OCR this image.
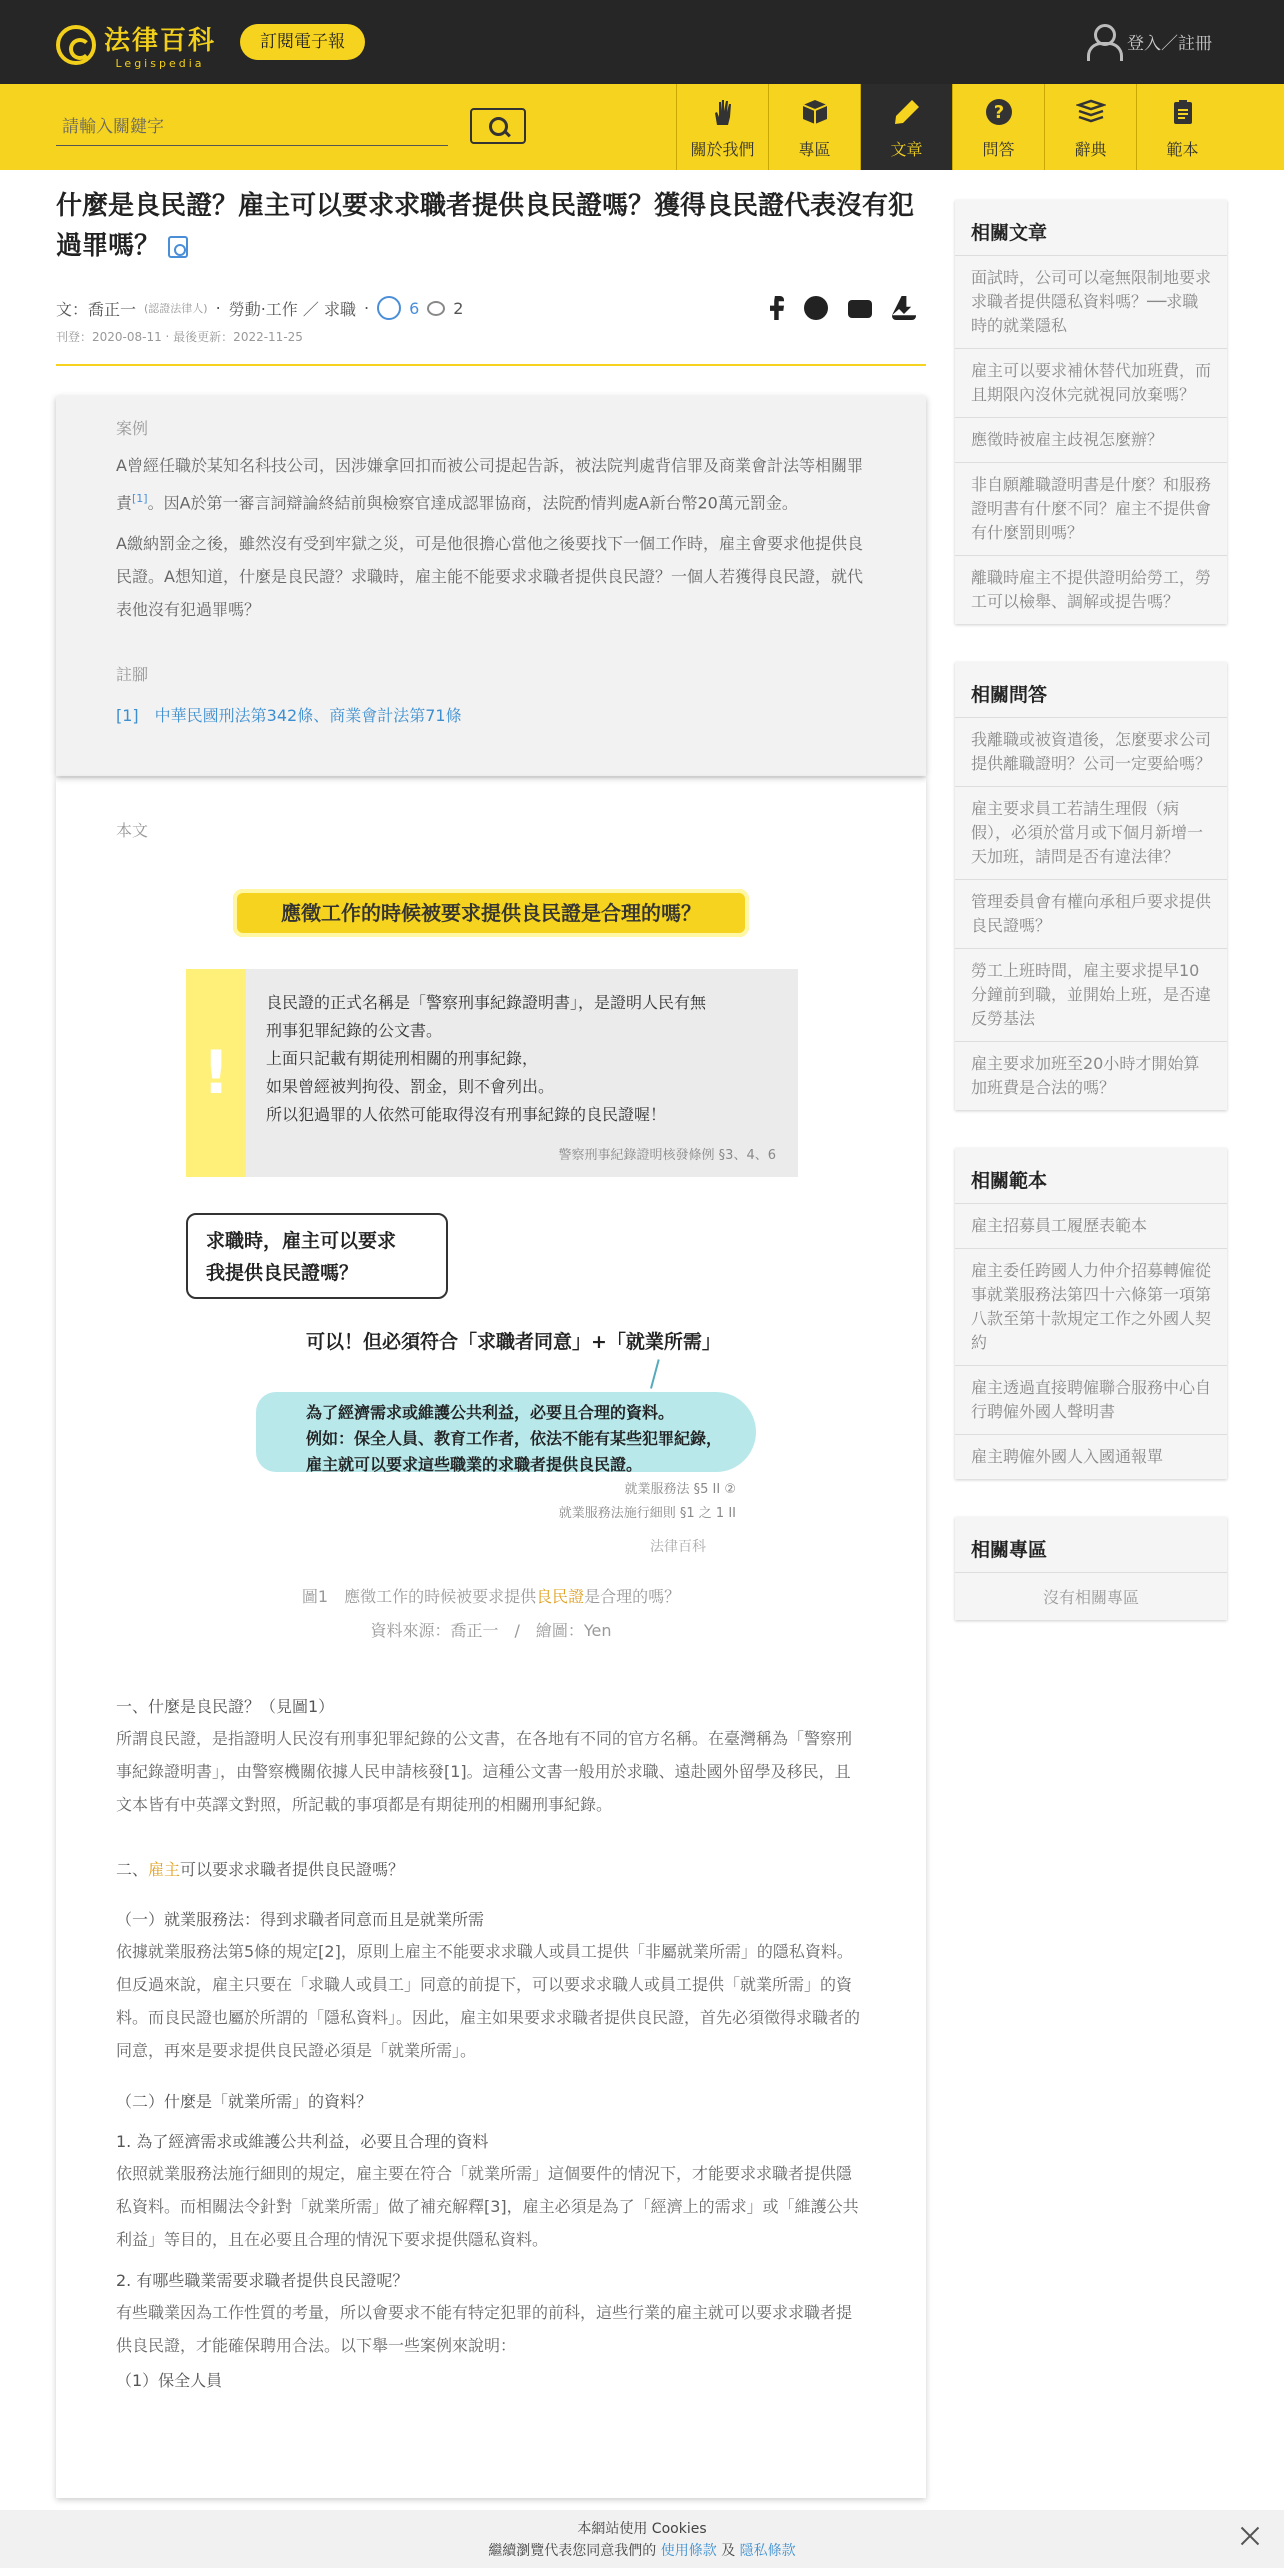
法律百科
Legispedia
訂閱電子報	登入／註冊
請輸入關鍵字
關於我們	專區	文章
?
問答	辭典	範本
什麼是良民證？雇主可以要求求職者提供良民證嗎？獲得良民證代表沒有犯過罪嗎？
文：喬正一 (認證法律人) ‧ 勞動‧工作 ／ 求職 ‧	6 2
刊登：2020-08-11 ‧ 最後更新：2022-11-25
案例

A曾經任職於某知名科技公司，因涉嫌拿回扣而被公司提起告訴，被法院判處背信罪及商業會計法等相關罪責[1]。因A於第一審言詞辯論終結前與檢察官達成認罪協商，法院酌情判處A新台幣20萬元罰金。

A繳納罰金之後，雖然沒有受到牢獄之災，可是他很擔心當他之後要找下一個工作時，雇主會要求他提供良民證。A想知道，什麼是良民證？求職時，雇主能不能要求求職者提供良民證？一個人若獲得良民證，就代表他沒有犯過罪嗎？

註腳
[1]　中華民國刑法第342條、商業會計法第71條
本文
應徵工作的時候被要求提供良民證是合理的嗎？
!

良民證的正式名稱是「警察刑事紀錄證明書」，是證明人民有無

刑事犯罪紀錄的公文書。

上面只記載有期徒刑相關的刑事紀錄，

如果曾經被判拘役、罰金，則不會列出。

所以犯過罪的人依然可能取得沒有刑事紀錄的良民證喔！

警察刑事紀錄證明核發條例 §3、4、6
求職時，雇主可以要求
我提供良民證嗎？
可以！但必須符合「求職者同意」+「就業所需」
為了經濟需求或維護公共利益，必要且合理的資料。
例如：保全人員、教育工作者，依法不能有某些犯罪紀錄，
雇主就可以要求這些職業的求職者提供良民證。
就業服務法 §5 II ②
就業服務法施行細則 §1 之 1 II
法律百科
圖1　應徵工作的時候被要求提供良民證是合理的嗎？
資料來源：喬正一　/　繪圖：Yen
一、什麼是良民證？（見圖1）

所謂良民證，是指證明人民沒有刑事犯罪紀錄的公文書，在各地有不同的官方名稱。在臺灣稱為「警察刑事紀錄證明書」，由警察機關依據人民申請核發[1]。這種公文書一般用於求職、遠赴國外留學及移民，且文本皆有中英譯文對照，所記載的事項都是有期徒刑的相關刑事紀錄。

二、雇主可以要求求職者提供良民證嗎？
（一）就業服務法：得到求職者同意而且是就業所需

依據就業服務法第5條的規定[2]，原則上雇主不能要求求職人或員工提供「非屬就業所需」的隱私資料。但反過來說，雇主只要在「求職人或員工」同意的前提下，可以要求求職人或員工提供「就業所需」的資料。而良民證也屬於所謂的「隱私資料」。因此，雇主如果要求求職者提供良民證，首先必須徵得求職者的同意，再來是要求提供良民證必須是「就業所需」。

（二）什麼是「就業所需」的資料？
1. 為了經濟需求或維護公共利益，必要且合理的資料

依照就業服務法施行細則的規定，雇主要在符合「就業所需」這個要件的情況下，才能要求求職者提供隱私資料。而相關法令針對「就業所需」做了補充解釋[3]，雇主必須是為了「經濟上的需求」或「維護公共利益」等目的，且在必要且合理的情況下要求提供隱私資料。

2. 有哪些職業需要求職者提供良民證呢？

有些職業因為工作性質的考量，所以會要求不能有特定犯罪的前科，這些行業的雇主就可以要求求職者提供良民證，才能確保聘用合法。以下舉一些案例來說明：

（1）保全人員
相關文章
面試時，公司可以毫無限制地要求求職者提供隱私資料嗎？──求職時的就業隱私
雇主可以要求補休替代加班費，而且期限內沒休完就視同放棄嗎？
應徵時被雇主歧視怎麼辦？
非自願離職證明書是什麼？和服務證明書有什麼不同？雇主不提供會有什麼罰則嗎？
離職時雇主不提供證明給勞工，勞工可以檢舉、調解或提告嗎？
相關問答
我離職或被資遣後，怎麼要求公司提供離職證明？公司一定要給嗎？
雇主要求員工若請生理假（病假），必須於當月或下個月新增一天加班，請問是否有違法律？
管理委員會有權向承租戶要求提供良民證嗎？
勞工上班時間，雇主要求提早10分鐘前到職，並開始上班，是否違反勞基法
雇主要求加班至20小時才開始算加班費是合法的嗎？
相關範本
雇主招募員工履歷表範本
雇主委任跨國人力仲介招募轉僱從事就業服務法第四十六條第一項第八款至第十款規定工作之外國人契約
雇主透過直接聘僱聯合服務中心自行聘僱外國人聲明書
雇主聘僱外國人入國通報單
相關專區
沒有相關專區
本網站使用 Cookies
繼續瀏覽代表您同意我們的 使用條款 及 隱私條款
